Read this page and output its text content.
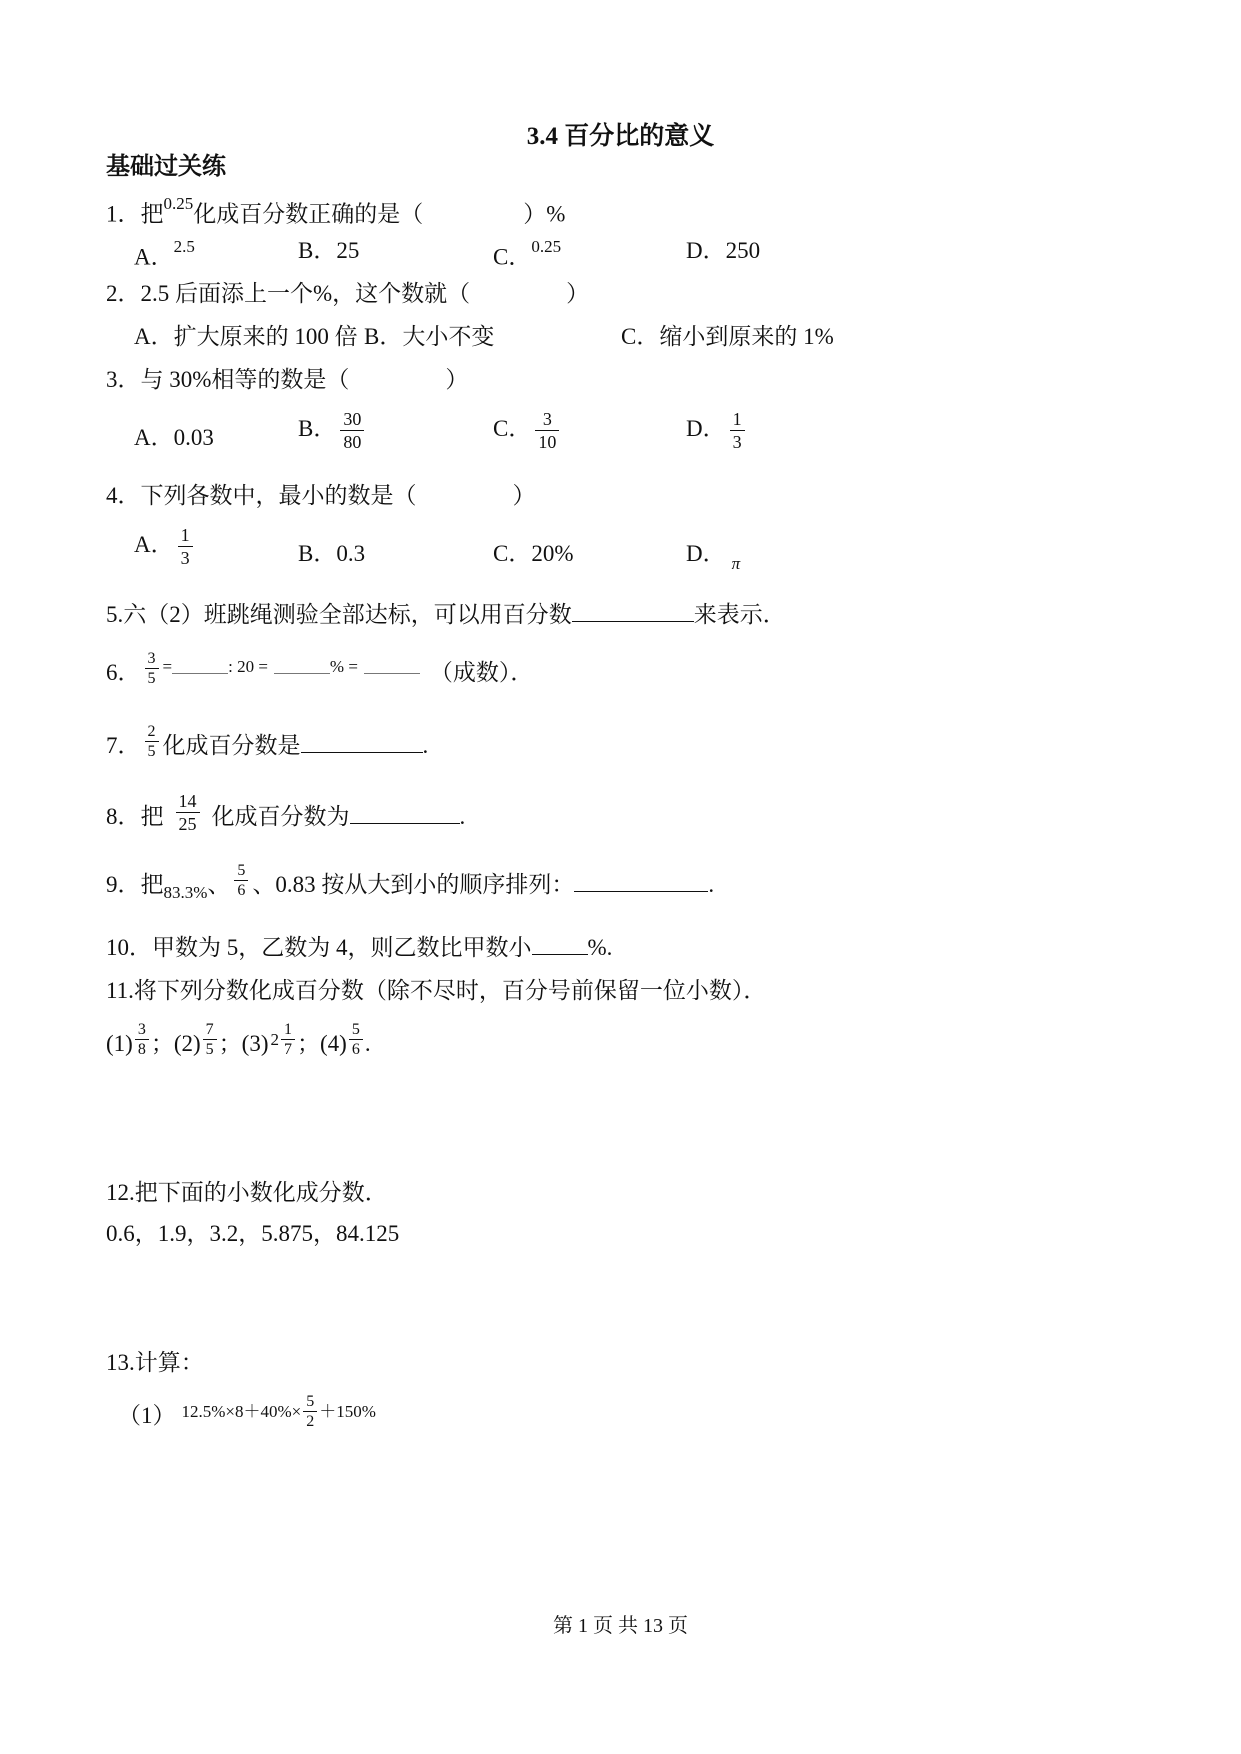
3.4 百分比的意义
基础过关练
1．把$^{0.25}$化成百分数正确的是（	）%
A．$^{2.5}$	B．25	C．$^{0.25}$	D．250
2．2.5 后面添上一个%，这个数就（	）
A．扩大原来的 100 倍 B．大小不变	C．缩小到原来的 1%
3．与 30%相等的数是（	）
A．0.03	B． $\frac{30}{80}$	C． $\frac{3}{10}$	D． $\frac{1}{3}$
4．下列各数中，最小的数是（	）
A． $\frac{1}{3}$	B．0.3	C．20%	D． $_\pi$
5.六（2）班跳绳测验全部达标，可以用百分数	来表示．
6． $\frac{3}{5}$ =	: 20 =	% =	（成数）．
7． $\frac{2}{5}$ 化成百分数是	.
8．把 $\frac{14}{25}$ 化成百分数为	.
9．把$_{83.3\%}$、 $\frac{5}{6}$ 、0.83 按从大到小的顺序排列：	.
10．甲数为 5，乙数为 4，则乙数比甲数小 %.
11.将下列分数化成百分数（除不尽时，百分号前保留一位小数）．
$(1) \frac{3}{8}$ ；$(2) \frac{7}{5}$ ；(3) $2 \frac{1}{7}$ ；$(4) \frac{5}{6}$ .
12.把下面的小数化成分数．
0.6，1.9，3.2，5.875，84.125
13.计算：
（1） $12.5\%\times 8+40\%\times \frac{5}{2} +150\%$
第 1 页 共 13 页
